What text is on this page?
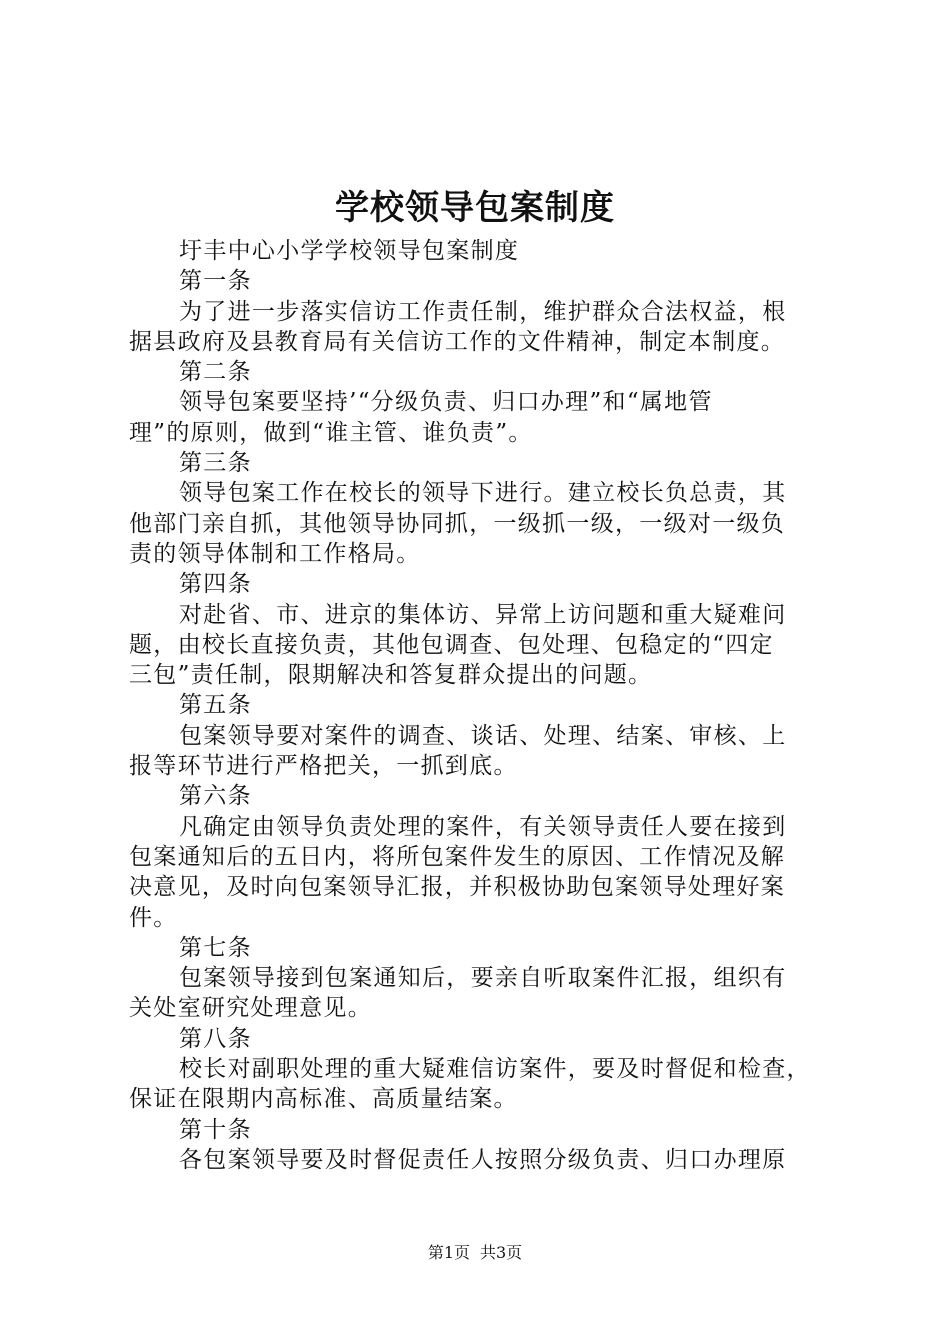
学校领导包案制度
圩丰中心小学学校领导包案制度
第一条
为了进一步落实信访工作责任制，维护群众合法权益，根
据县政府及县教育局有关信访工作的文件精神，制定本制度。
第二条
领导包案要坚持’“分级负责、归口办理”和“属地管
理”的原则，做到“谁主管、谁负责”。
第三条
领导包案工作在校长的领导下进行。建立校长负总责，其
他部门亲自抓，其他领导协同抓，一级抓一级，一级对一级负
责的领导体制和工作格局。
第四条
对赴省、市、进京的集体访、异常上访问题和重大疑难问
题，由校长直接负责，其他包调查、包处理、包稳定的“四定
三包”责任制，限期解决和答复群众提出的问题。
第五条
包案领导要对案件的调查、谈话、处理、结案、审核、上
报等环节进行严格把关，一抓到底。
第六条
凡确定由领导负责处理的案件，有关领导责任人要在接到
包案通知后的五日内，将所包案件发生的原因、工作情况及解
决意见，及时向包案领导汇报，并积极协助包案领导处理好案
件。
第七条
包案领导接到包案通知后，要亲自听取案件汇报，组织有
关处室研究处理意见。
第八条
校长对副职处理的重大疑难信访案件，要及时督促和检查，
保证在限期内高标准、高质量结案。
第十条
各包案领导要及时督促责任人按照分级负责、归口办理原
第1页 共3页
